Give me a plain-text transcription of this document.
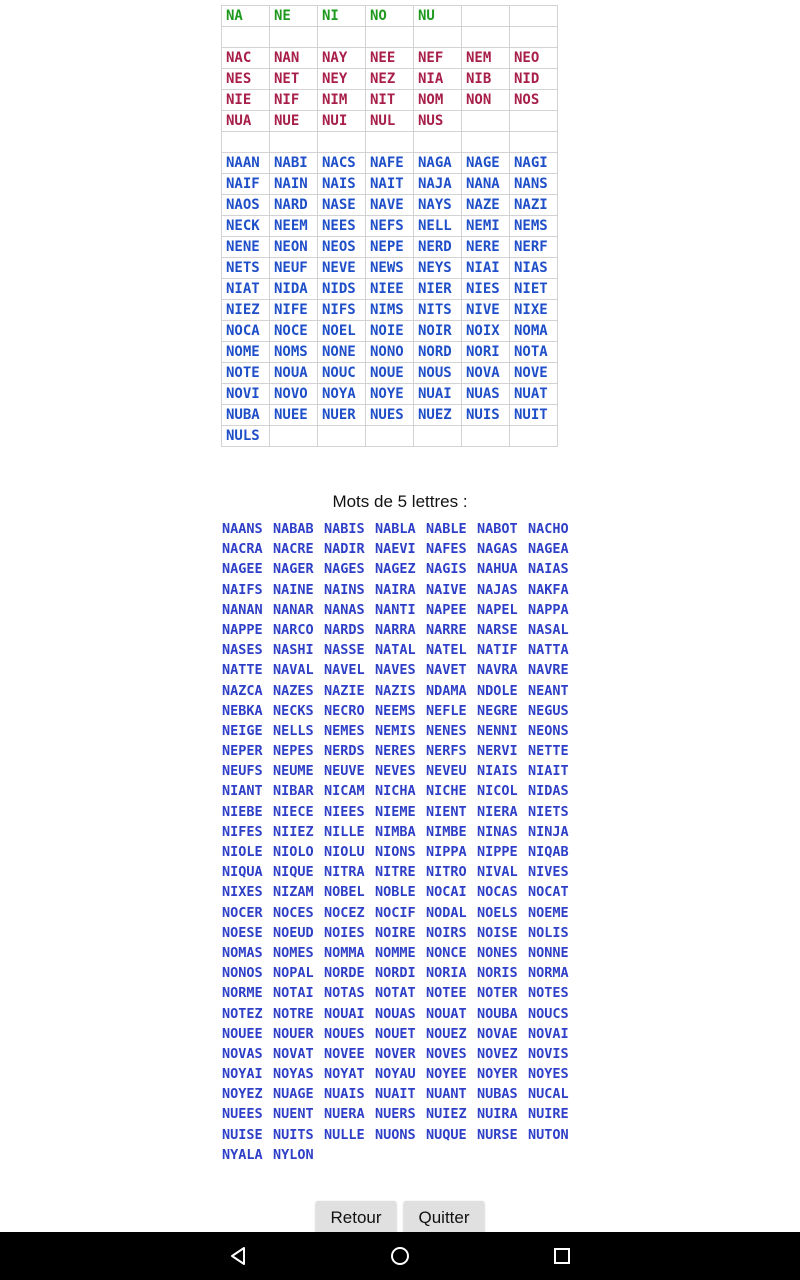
NA	NE	NI	NO	NU		

NAC	NAN	NAY	NEE	NEF	NEM	NEO
NES	NET	NEY	NEZ	NIA	NIB	NID
NIE	NIF	NIM	NIT	NOM	NON	NOS
NUA	NUE	NUI	NUL	NUS		

NAAN	NABI	NACS	NAFE	NAGA	NAGE	NAGI
NAIF	NAIN	NAIS	NAIT	NAJA	NANA	NANS
NAOS	NARD	NASE	NAVE	NAYS	NAZE	NAZI
NECK	NEEM	NEES	NEFS	NELL	NEMI	NEMS
NENE	NEON	NEOS	NEPE	NERD	NERE	NERF
NETS	NEUF	NEVE	NEWS	NEYS	NIAI	NIAS
NIAT	NIDA	NIDS	NIEE	NIER	NIES	NIET
NIEZ	NIFE	NIFS	NIMS	NITS	NIVE	NIXE
NOCA	NOCE	NOEL	NOIE	NOIR	NOIX	NOMA
NOME	NOMS	NONE	NONO	NORD	NORI	NOTA
NOTE	NOUA	NOUC	NOUE	NOUS	NOVA	NOVE
NOVI	NOVO	NOYA	NOYE	NUAI	NUAS	NUAT
NUBA	NUEE	NUER	NUES	NUEZ	NUIS	NUIT
NULS						
Mots de 5 lettres :
NAANS NABAB NABIS NABLA NABLE NABOT NACHO
NACRA NACRE NADIR NAEVI NAFES NAGAS NAGEA
NAGEE NAGER NAGES NAGEZ NAGIS NAHUA NAIAS
NAIFS NAINE NAINS NAIRA NAIVE NAJAS NAKFA
NANAN NANAR NANAS NANTI NAPEE NAPEL NAPPA
NAPPE NARCO NARDS NARRA NARRE NARSE NASAL
NASES NASHI NASSE NATAL NATEL NATIF NATTA
NATTE NAVAL NAVEL NAVES NAVET NAVRA NAVRE
NAZCA NAZES NAZIE NAZIS NDAMA NDOLE NEANT
NEBKA NECKS NECRO NEEMS NEFLE NEGRE NEGUS
NEIGE NELLS NEMES NEMIS NENES NENNI NEONS
NEPER NEPES NERDS NERES NERFS NERVI NETTE
NEUFS NEUME NEUVE NEVES NEVEU NIAIS NIAIT
NIANT NIBAR NICAM NICHA NICHE NICOL NIDAS
NIEBE NIECE NIEES NIEME NIENT NIERA NIETS
NIFES NIIEZ NILLE NIMBA NIMBE NINAS NINJA
NIOLE NIOLO NIOLU NIONS NIPPA NIPPE NIQAB
NIQUA NIQUE NITRA NITRE NITRO NIVAL NIVES
NIXES NIZAM NOBEL NOBLE NOCAI NOCAS NOCAT
NOCER NOCES NOCEZ NOCIF NODAL NOELS NOEME
NOESE NOEUD NOIES NOIRE NOIRS NOISE NOLIS
NOMAS NOMES NOMMA NOMME NONCE NONES NONNE
NONOS NOPAL NORDE NORDI NORIA NORIS NORMA
NORME NOTAI NOTAS NOTAT NOTEE NOTER NOTES
NOTEZ NOTRE NOUAI NOUAS NOUAT NOUBA NOUCS
NOUEE NOUER NOUES NOUET NOUEZ NOVAE NOVAI
NOVAS NOVAT NOVEE NOVER NOVES NOVEZ NOVIS
NOYAI NOYAS NOYAT NOYAU NOYEE NOYER NOYES
NOYEZ NUAGE NUAIS NUAIT NUANT NUBAS NUCAL
NUEES NUENT NUERA NUERS NUIEZ NUIRA NUIRE
NUISE NUITS NULLE NUONS NUQUE NURSE NUTON
NYALA NYLON
Retour	Quitter
